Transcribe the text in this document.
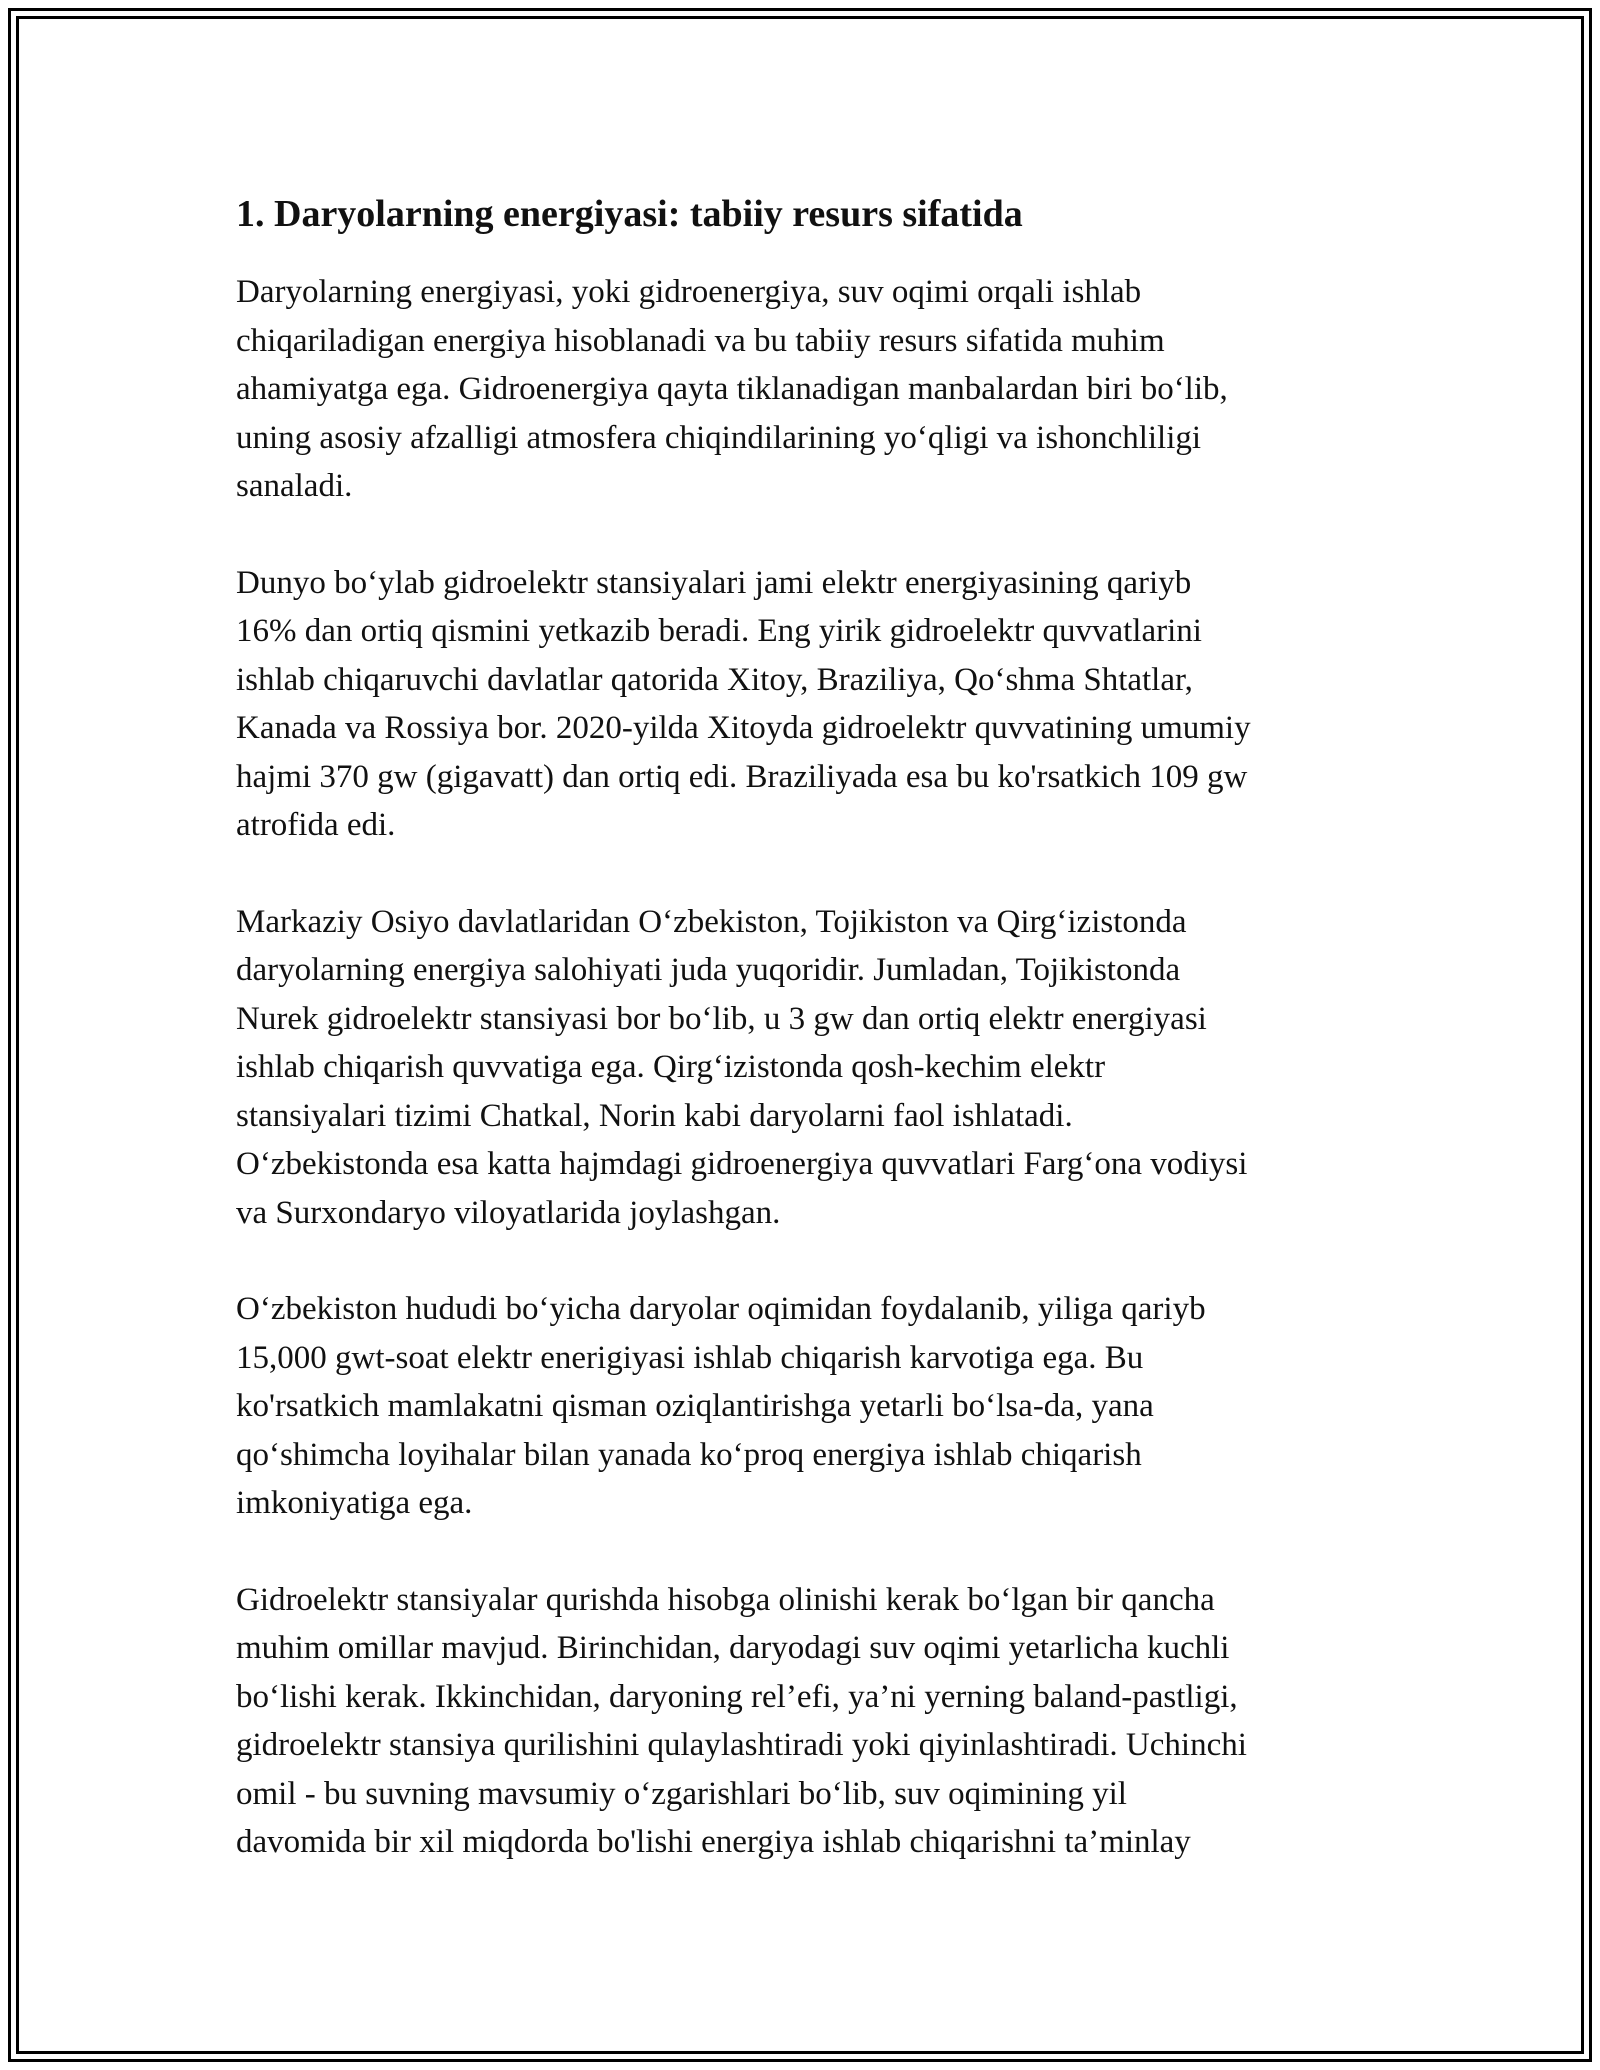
1. Daryolarning energiyasi: tabiiy resurs sifatida

Daryolarning energiyasi, yoki gidroenergiya, suv oqimi orqali ishlab
chiqariladigan energiya hisoblanadi va bu tabiiy resurs sifatida muhim
ahamiyatga ega. Gidroenergiya qayta tiklanadigan manbalardan biri bo‘lib,
uning asosiy afzalligi atmosfera chiqindilarining yo‘qligi va ishonchliligi
sanaladi.

Dunyo bo‘ylab gidroelektr stansiyalari jami elektr energiyasining qariyb
16% dan ortiq qismini yetkazib beradi. Eng yirik gidroelektr quvvatlarini
ishlab chiqaruvchi davlatlar qatorida Xitoy, Braziliya, Qo‘shma Shtatlar,
Kanada va Rossiya bor. 2020-yilda Xitoyda gidroelektr quvvatining umumiy
hajmi 370 gw (gigavatt) dan ortiq edi. Braziliyada esa bu ko'rsatkich 109 gw
atrofida edi.

Markaziy Osiyo davlatlaridan O‘zbekiston, Tojikiston va Qirg‘izistonda
daryolarning energiya salohiyati juda yuqoridir. Jumladan, Tojikistonda
Nurek gidroelektr stansiyasi bor bo‘lib, u 3 gw dan ortiq elektr energiyasi
ishlab chiqarish quvvatiga ega. Qirg‘izistonda qosh-kechim elektr
stansiyalari tizimi Chatkal, Norin kabi daryolarni faol ishlatadi.
O‘zbekistonda esa katta hajmdagi gidroenergiya quvvatlari Farg‘ona vodiysi
va Surxondaryo viloyatlarida joylashgan.

O‘zbekiston hududi bo‘yicha daryolar oqimidan foydalanib, yiliga qariyb
15,000 gwt-soat elektr enerigiyasi ishlab chiqarish karvotiga ega. Bu
ko'rsatkich mamlakatni qisman oziqlantirishga yetarli bo‘lsa-da, yana
qo‘shimcha loyihalar bilan yanada ko‘proq energiya ishlab chiqarish
imkoniyatiga ega.

Gidroelektr stansiyalar qurishda hisobga olinishi kerak bo‘lgan bir qancha
muhim omillar mavjud. Birinchidan, daryodagi suv oqimi yetarlicha kuchli
bo‘lishi kerak. Ikkinchidan, daryoning rel’efi, ya’ni yerning baland-pastligi,
gidroelektr stansiya qurilishini qulaylashtiradi yoki qiyinlashtiradi. Uchinchi
omil - bu suvning mavsumiy o‘zgarishlari bo‘lib, suv oqimining yil
davomida bir xil miqdorda bo'lishi energiya ishlab chiqarishni ta’minlay
